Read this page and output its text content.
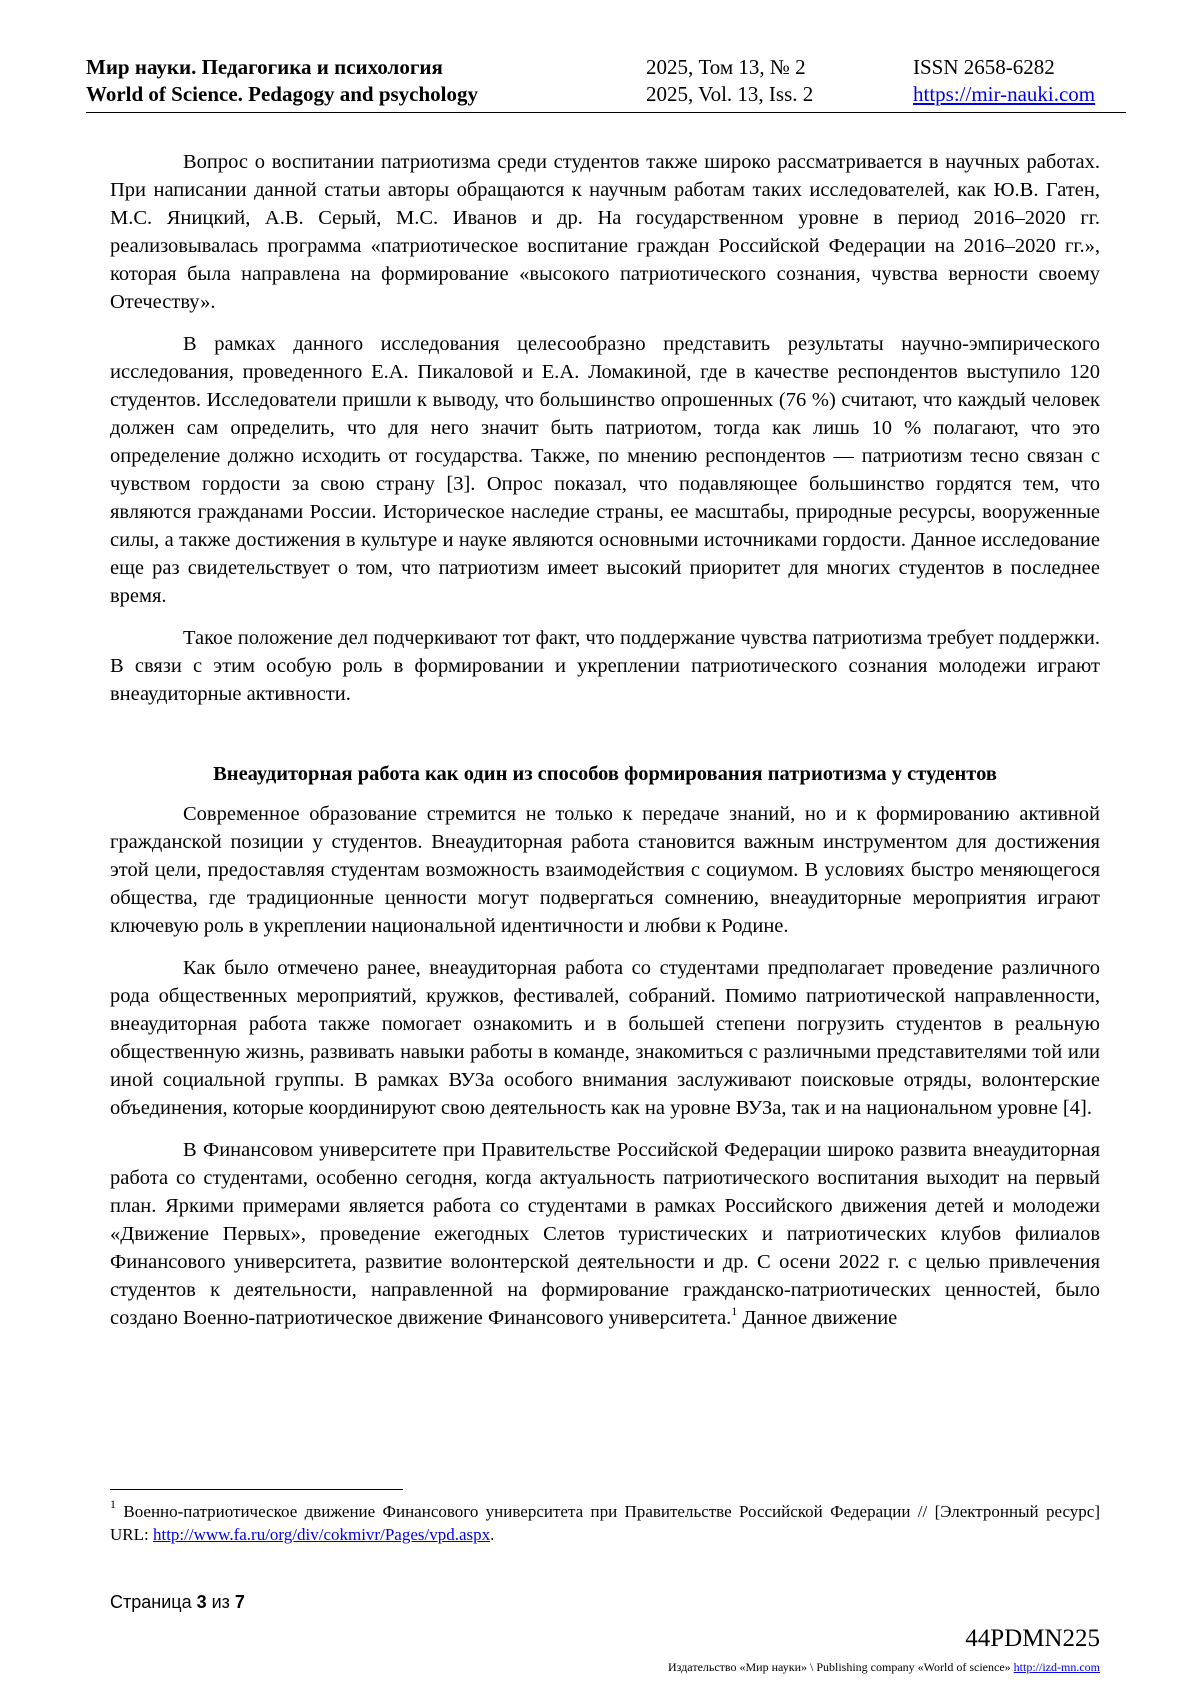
Мир науки. Педагогика и психология
World of Science. Pedagogy and psychology
2025, Том 13, № 2
2025, Vol. 13, Iss. 2
ISSN 2658-6282
https://mir-nauki.com

Вопрос о воспитании патриотизма среди студентов также широко рассматривается в научных работах. При написании данной статьи авторы обращаются к научным работам таких исследователей, как Ю.В. Гатен, М.С. Яницкий, А.В. Серый, М.С. Иванов и др. На государственном уровне в период 2016–2020 гг. реализовывалась программа «патриотическое воспитание граждан Российской Федерации на 2016–2020 гг.», которая была направлена на формирование «высокого патриотического сознания, чувства верности своему Отечеству».

В рамках данного исследования целесообразно представить результаты научно-эмпирического исследования, проведенного Е.А. Пикаловой и Е.А. Ломакиной, где в качестве респондентов выступило 120 студентов. Исследователи пришли к выводу, что большинство опрошенных (76 %) считают, что каждый человек должен сам определить, что для него значит быть патриотом, тогда как лишь 10 % полагают, что это определение должно исходить от государства. Также, по мнению респондентов — патриотизм тесно связан с чувством гордости за свою страну [3]. Опрос показал, что подавляющее большинство гордятся тем, что являются гражданами России. Историческое наследие страны, ее масштабы, природные ресурсы, вооруженные силы, а также достижения в культуре и науке являются основными источниками гордости. Данное исследование еще раз свидетельствует о том, что патриотизм имеет высокий приоритет для многих студентов в последнее время.

Такое положение дел подчеркивают тот факт, что поддержание чувства патриотизма требует поддержки. В связи с этим особую роль в формировании и укреплении патриотического сознания молодежи играют внеаудиторные активности.

Внеаудиторная работа как один из способов формирования патриотизма у студентов

Современное образование стремится не только к передаче знаний, но и к формированию активной гражданской позиции у студентов. Внеаудиторная работа становится важным инструментом для достижения этой цели, предоставляя студентам возможность взаимодействия с социумом. В условиях быстро меняющегося общества, где традиционные ценности могут подвергаться сомнению, внеаудиторные мероприятия играют ключевую роль в укреплении национальной идентичности и любви к Родине.

Как было отмечено ранее, внеаудиторная работа со студентами предполагает проведение различного рода общественных мероприятий, кружков, фестивалей, собраний. Помимо патриотической направленности, внеаудиторная работа также помогает ознакомить и в большей степени погрузить студентов в реальную общественную жизнь, развивать навыки работы в команде, знакомиться с различными представителями той или иной социальной группы. В рамках ВУЗа особого внимания заслуживают поисковые отряды, волонтерские объединения, которые координируют свою деятельность как на уровне ВУЗа, так и на национальном уровне [4].

В Финансовом университете при Правительстве Российской Федерации широко развита внеаудиторная работа со студентами, особенно сегодня, когда актуальность патриотического воспитания выходит на первый план. Яркими примерами является работа со студентами в рамках Российского движения детей и молодежи «Движение Первых», проведение ежегодных Слетов туристических и патриотических клубов филиалов Финансового университета, развитие волонтерской деятельности и др. С осени 2022 г. с целью привлечения студентов к деятельности, направленной на формирование гражданско-патриотических ценностей, было создано Военно-патриотическое движение Финансового университета.$^1$ Данное движение

$^1$ Военно-патриотическое движение Финансового университета при Правительстве Российской Федерации // [Электронный ресурс] URL: http://www.fa.ru/org/div/cokmivr/Pages/vpd.aspx.
Страница 3 из 7
44PDMN225
Издательство «Мир науки» \ Publishing company «World of science» http://izd-mn.com
